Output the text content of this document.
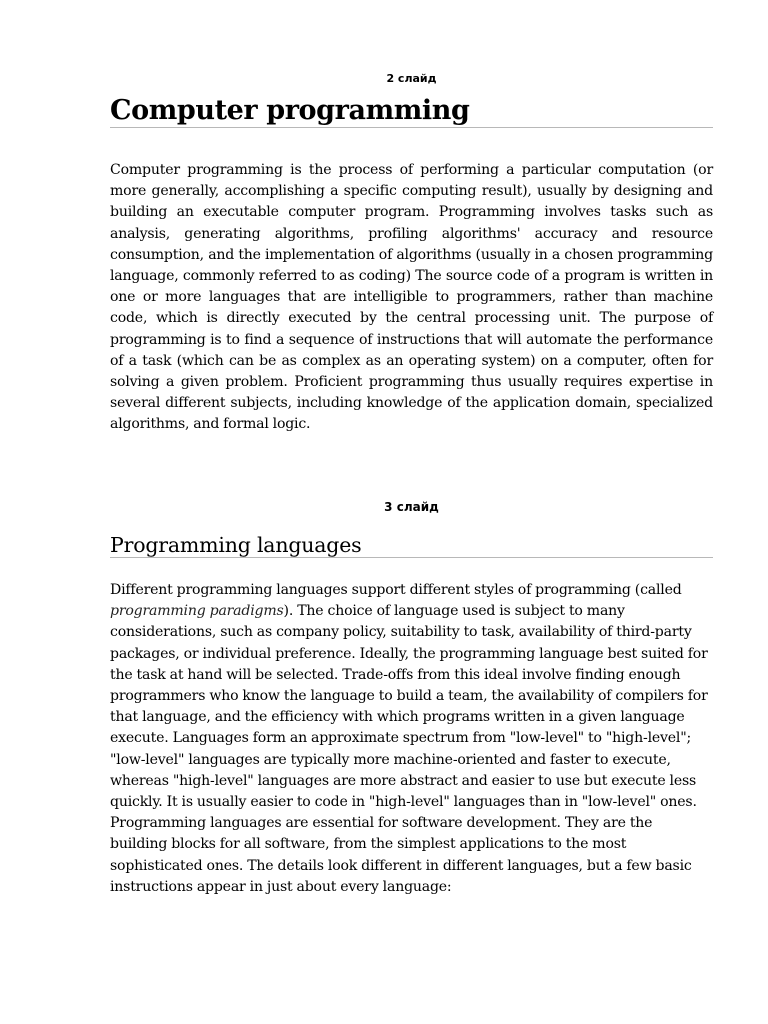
2 слайд
Computer programming

Computer programming is the process of performing a particular computation (or more generally, accomplishing a specific computing result), usually by designing and building an executable computer program. Programming involves tasks such as analysis, generating algorithms, profiling algorithms' accuracy and resource consumption, and the implementation of algorithms (usually in a chosen programming language, commonly referred to as coding) The source code of a program is written in one or more languages that are intelligible to programmers, rather than machine code, which is directly executed by the central processing unit. The purpose of programming is to find a sequence of instructions that will automate the performance of a task (which can be as complex as an operating system) on a computer, often for solving a given problem. Proficient programming thus usually requires expertise in several different subjects, including knowledge of the application domain, specialized algorithms, and formal logic.

3 слайд
Programming languages

Different programming languages support different styles of programming (called programming paradigms). The choice of language used is subject to many considerations, such as company policy, suitability to task, availability of third-party packages, or individual preference. Ideally, the programming language best suited for the task at hand will be selected. Trade-offs from this ideal involve finding enough programmers who know the language to build a team, the availability of compilers for that language, and the efficiency with which programs written in a given language execute. Languages form an approximate spectrum from "low-level" to "high-level"; "low-level" languages are typically more machine-oriented and faster to execute, whereas "high-level" languages are more abstract and easier to use but execute less quickly. It is usually easier to code in "high-level" languages than in "low-level" ones. Programming languages are essential for software development. They are the building blocks for all software, from the simplest applications to the most sophisticated ones. The details look different in different languages, but a few basic instructions appear in just about every language:
